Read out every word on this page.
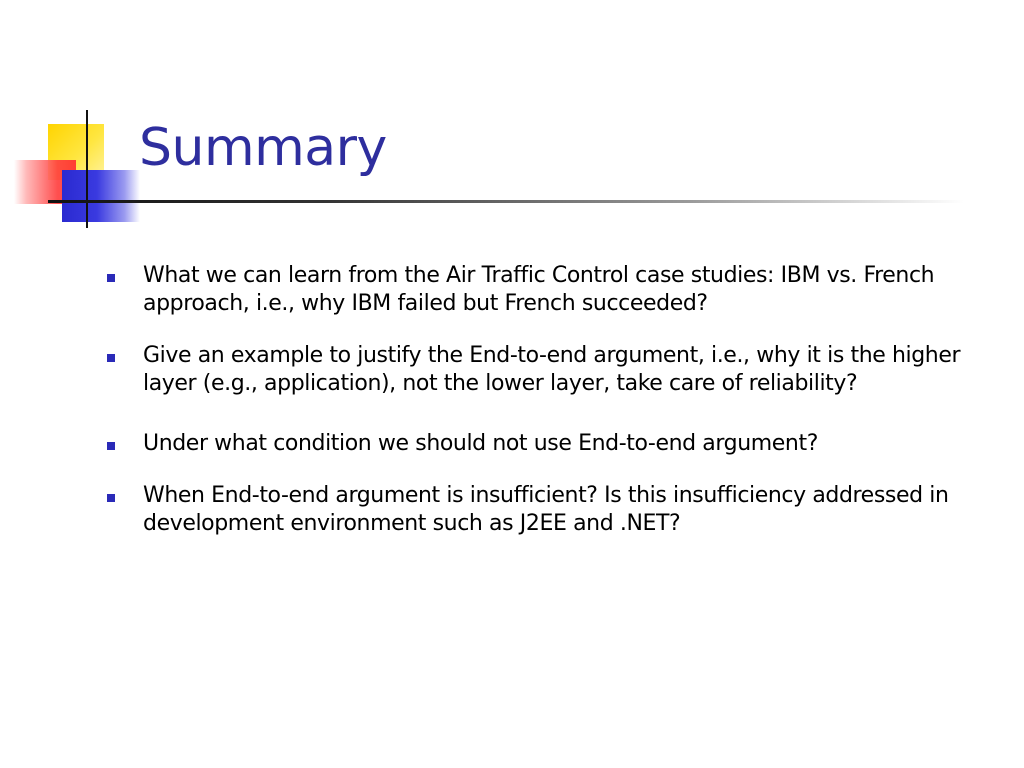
Summary
What we can learn from the Air Traffic Control case studies: IBM vs. French approach, i.e., why IBM failed but French succeeded?
Give an example to justify the End-to-end argument, i.e., why it is the higher layer (e.g., application), not the lower layer, take care of reliability?
Under what condition we should not use End-to-end argument?
When End-to-end argument is insufficient? Is this insufficiency addressed in development environment such as J2EE and .NET?
